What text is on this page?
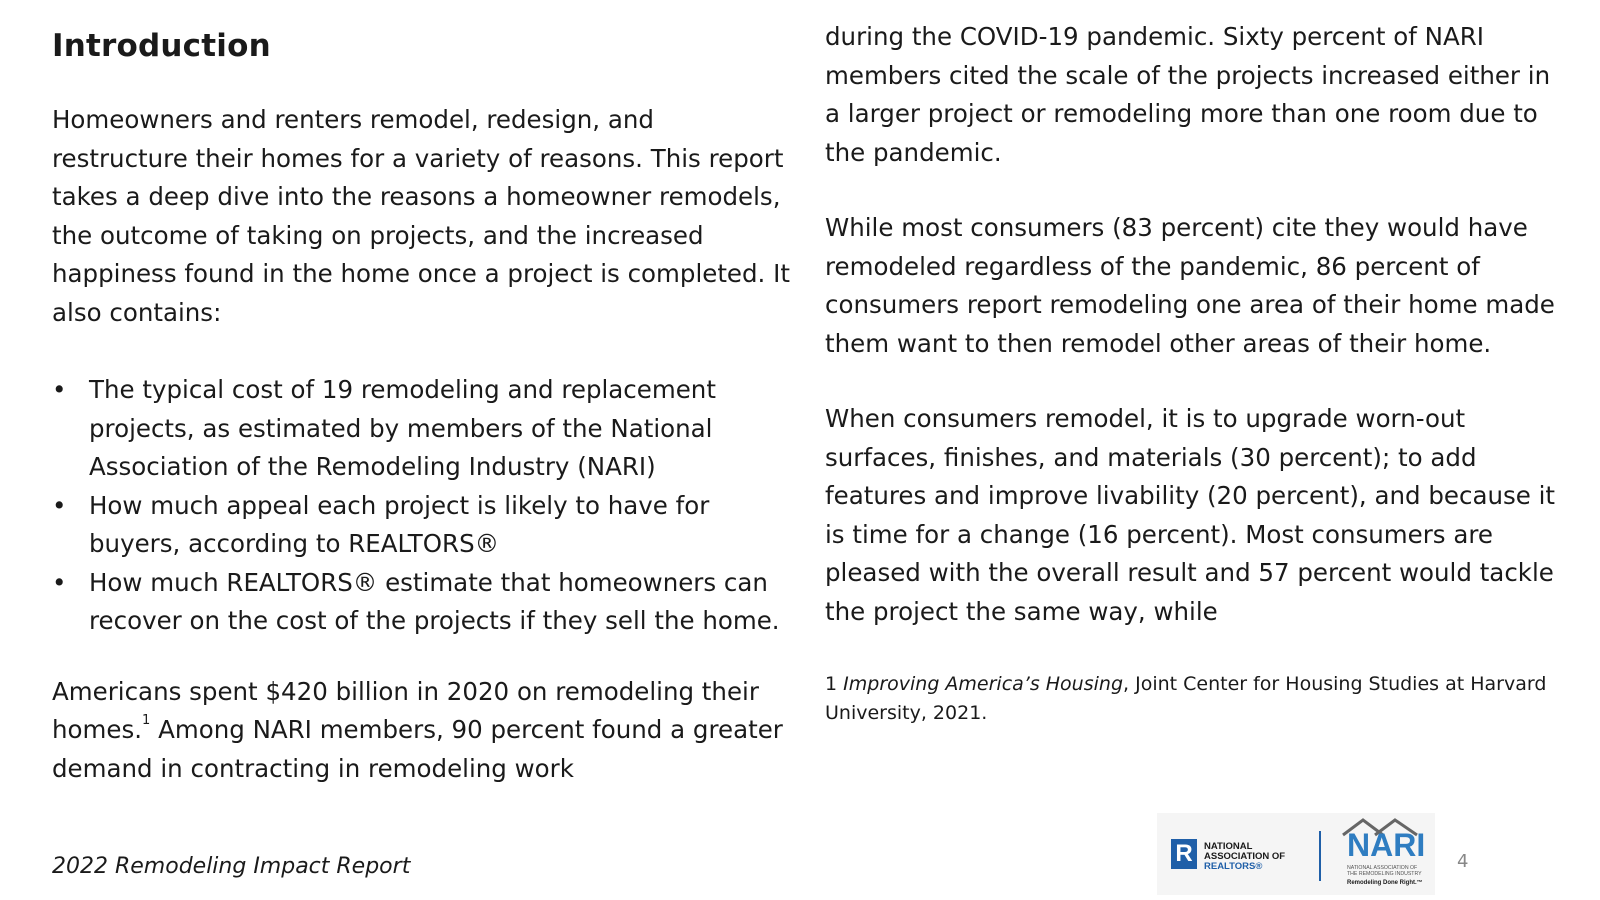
Introduction

Homeowners and renters remodel, redesign, and restructure their homes for a variety of reasons. This report takes a deep dive into the reasons a homeowner remodels, the outcome of taking on projects, and the increased happiness found in the home once a project is completed. It also contains:

• The typical cost of 19 remodeling and replacement projects, as estimated by members of the National Association of the Remodeling Industry (NARI)
• How much appeal each project is likely to have for buyers, according to REALTORS®
• How much REALTORS® estimate that homeowners can recover on the cost of the projects if they sell the home.

Americans spent $420 billion in 2020 on remodeling their homes.$^1$ Among NARI members, 90 percent found a greater demand in contracting in remodeling work

during the COVID-19 pandemic. Sixty percent of NARI members cited the scale of the projects increased either in a larger project or remodeling more than one room due to the pandemic.

While most consumers (83 percent) cite they would have remodeled regardless of the pandemic, 86 percent of consumers report remodeling one area of their home made them want to then remodel other areas of their home.

When consumers remodel, it is to upgrade worn-out surfaces, finishes, and materials (30 percent); to add features and improve livability (20 percent), and because it is time for a change (16 percent). Most consumers are pleased with the overall result and 57 percent would tackle the project the same way, while

1 Improving America’s Housing, Joint Center for Housing Studies at Harvard University, 2021.

2022 Remodeling Impact Report	R	NATIONAL
ASSOCIATION OF
REALTORS®
NARI
NATIONAL ASSOCIATION OF THE REMODELING INDUSTRY
Remodeling Done Right.™
4
